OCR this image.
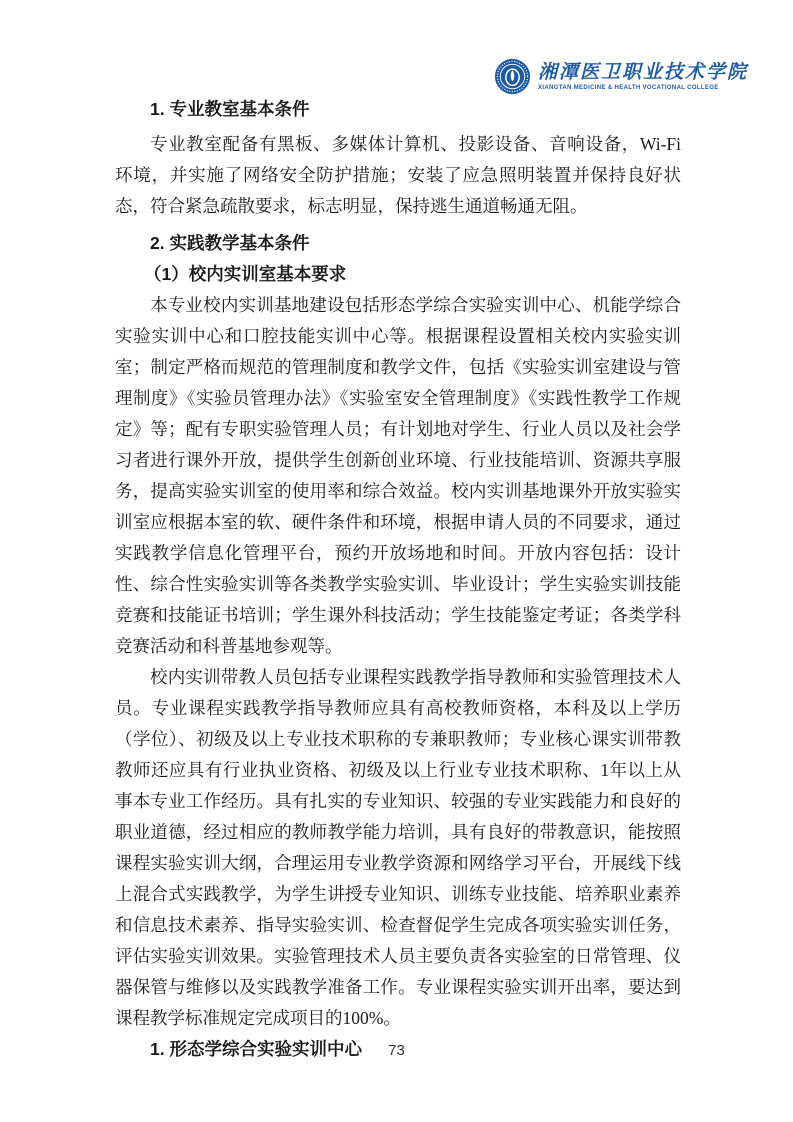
湘潭医卫职业技术学院
XIANGTAN MEDICINE & HEALTH VOCATIONAL COLLEGE
1. 专业教室基本条件

专业教室配备有黑板、多媒体计算机、投影设备、音响设备，Wi-Fi环境，并实施了网络安全防护措施；安装了应急照明装置并保持良好状态，符合紧急疏散要求，标志明显，保持逃生通道畅通无阻。

2. 实践教学基本条件
（1）校内实训室基本要求

本专业校内实训基地建设包括形态学综合实验实训中心、机能学综合实验实训中心和口腔技能实训中心等。根据课程设置相关校内实验实训室；制定严格而规范的管理制度和教学文件，包括《实验实训室建设与管理制度》《实验员管理办法》《实验室安全管理制度》《实践性教学工作规定》等；配有专职实验管理人员；有计划地对学生、行业人员以及社会学习者进行课外开放，提供学生创新创业环境、行业技能培训、资源共享服务，提高实验实训室的使用率和综合效益。校内实训基地课外开放实验实训室应根据本室的软、硬件条件和环境，根据申请人员的不同要求，通过实践教学信息化管理平台，预约开放场地和时间。开放内容包括：设计性、综合性实验实训等各类教学实验实训、毕业设计；学生实验实训技能竞赛和技能证书培训；学生课外科技活动；学生技能鉴定考证；各类学科竞赛活动和科普基地参观等。

校内实训带教人员包括专业课程实践教学指导教师和实验管理技术人员。专业课程实践教学指导教师应具有高校教师资格，本科及以上学历（学位）、初级及以上专业技术职称的专兼职教师；专业核心课实训带教教师还应具有行业执业资格、初级及以上行业专业技术职称、1年以上从事本专业工作经历。具有扎实的专业知识、较强的专业实践能力和良好的职业道德，经过相应的教师教学能力培训，具有良好的带教意识，能按照课程实验实训大纲，合理运用专业教学资源和网络学习平台，开展线下线上混合式实践教学，为学生讲授专业知识、训练专业技能、培养职业素养和信息技术素养、指导实验实训、检查督促学生完成各项实验实训任务，评估实验实训效果。实验管理技术人员主要负责各实验室的日常管理、仪器保管与维修以及实践教学准备工作。专业课程实验实训开出率，要达到课程教学标准规定完成项目的100%。

1. 形态学综合实验实训中心	73
